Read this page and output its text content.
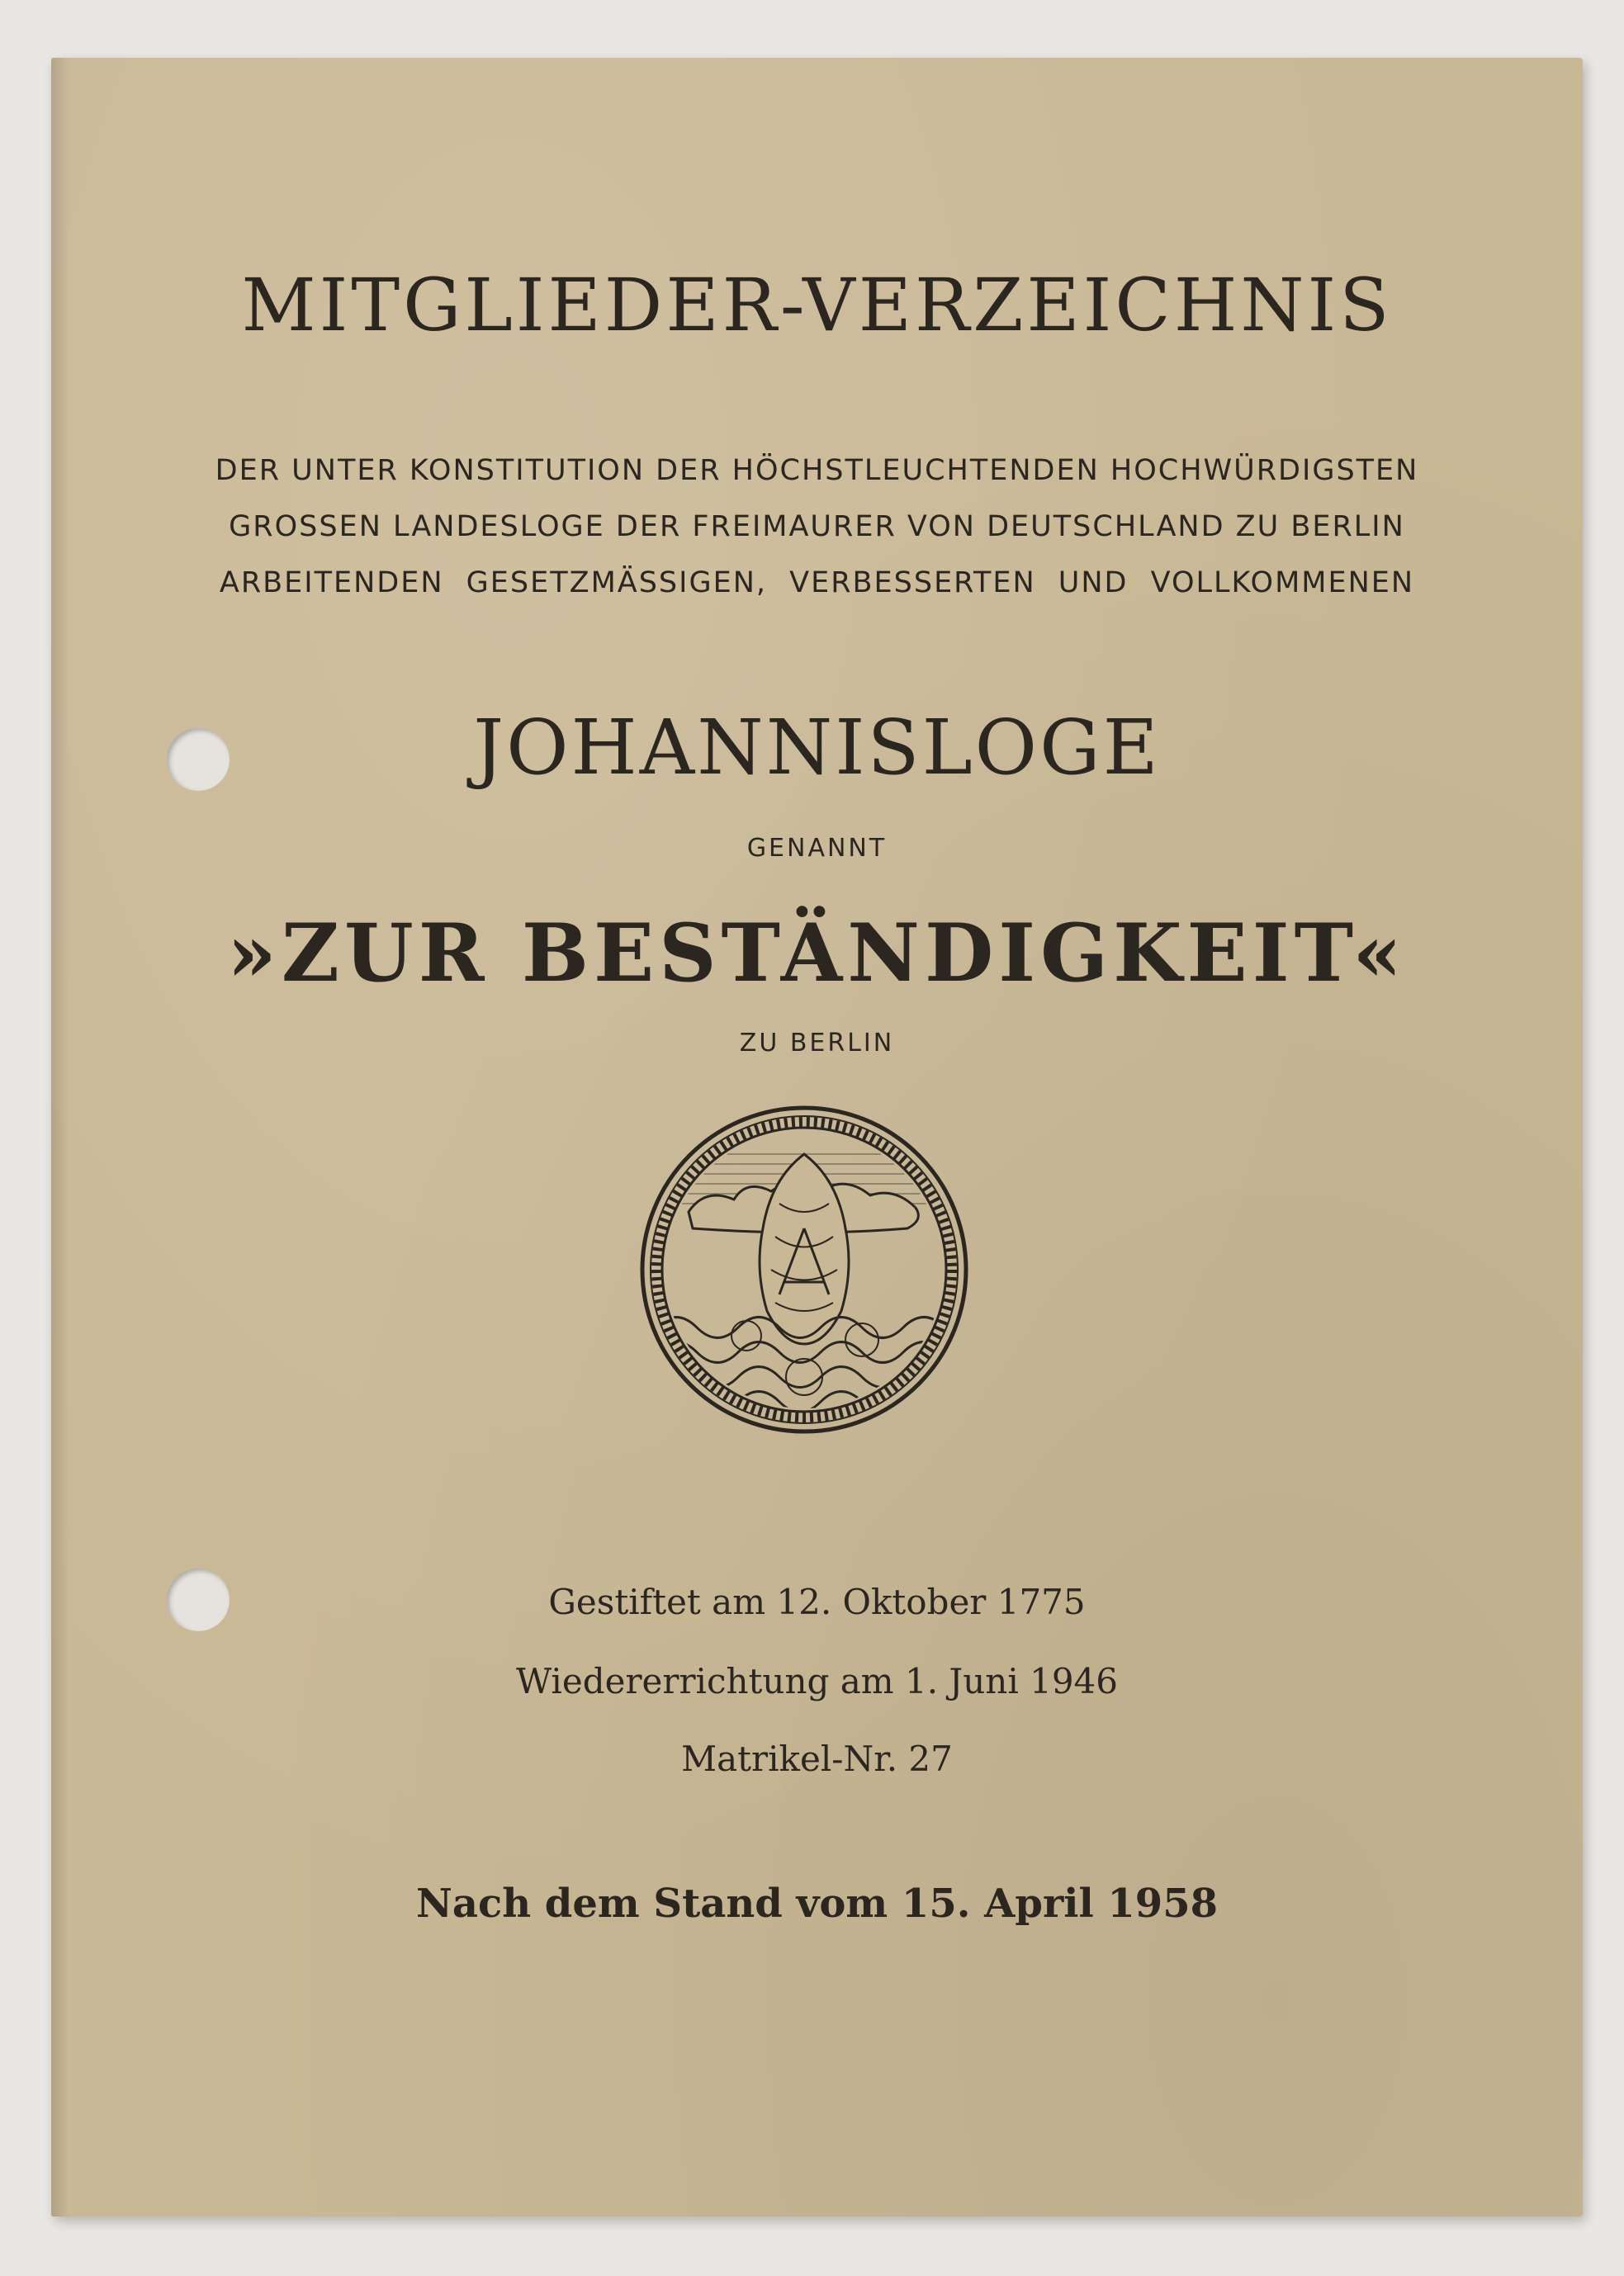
MITGLIEDER-VERZEICHNIS
DER UNTER KONSTITUTION DER HÖCHSTLEUCHTENDEN HOCHWÜRDIGSTEN
GROSSEN LANDESLOGE DER FREIMAURER VON DEUTSCHLAND ZU BERLIN
ARBEITENDEN GESETZMÄSSIGEN, VERBESSERTEN UND VOLLKOMMENEN
JOHANNISLOGE
GENANNT
»ZUR BESTÄNDIGKEIT«
ZU BERLIN
Gestiftet am 12. Oktober 1775
Wiedererrichtung am 1. Juni 1946
Matrikel-Nr. 27
Nach dem Stand vom 15. April 1958
